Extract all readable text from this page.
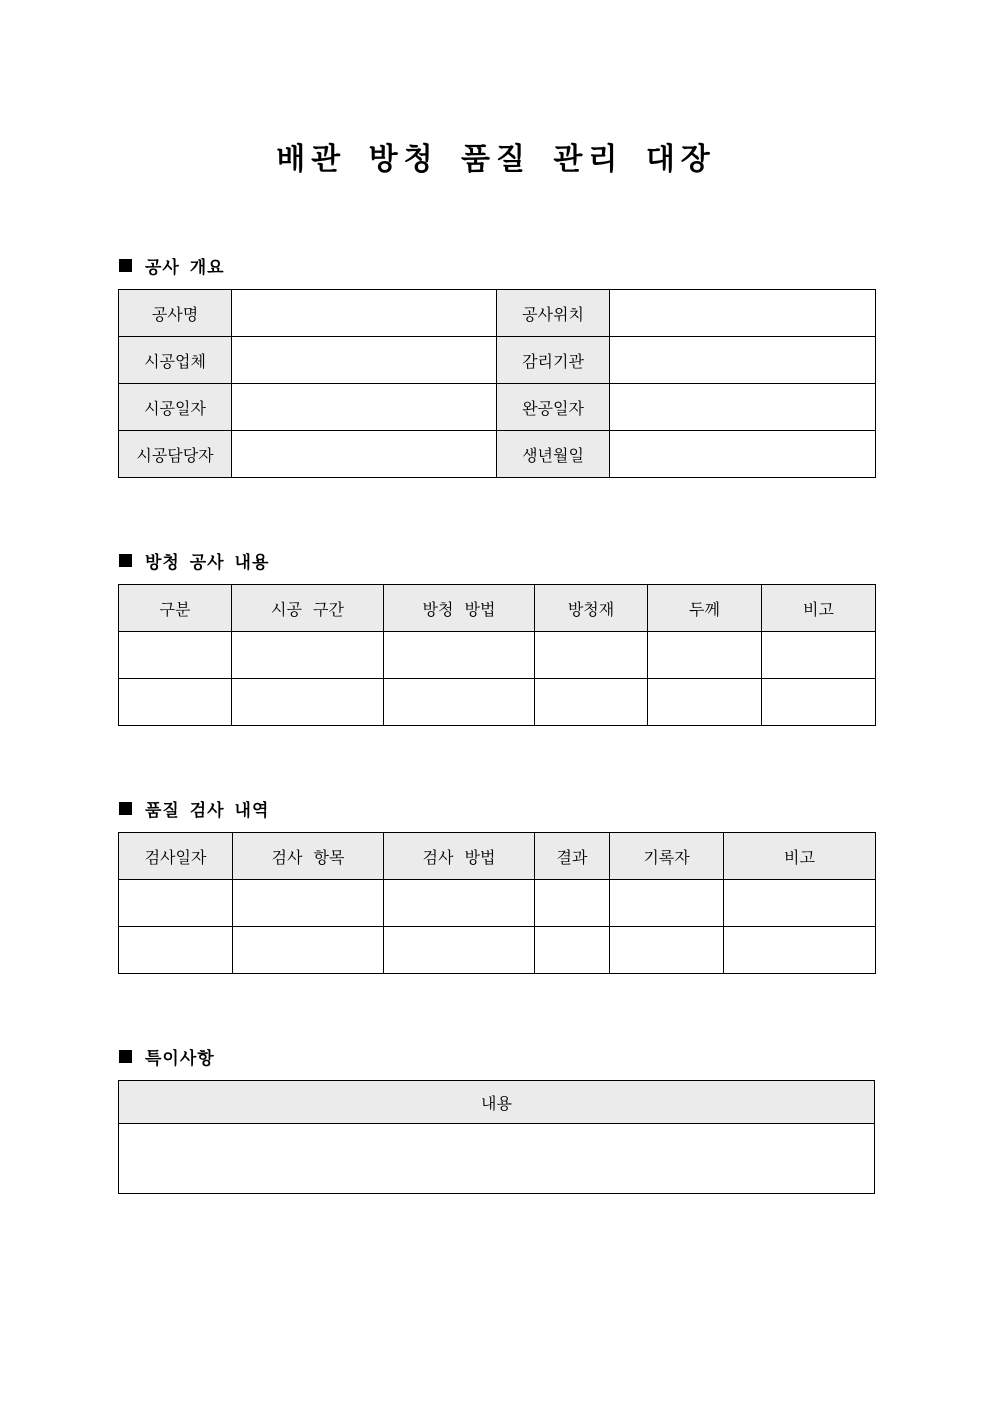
배관 방청 품질 관리 대장
공사 개요
공사명		공사위치	
시공업체		감리기관	
시공일자		완공일자	
시공담당자		생년월일	
방청 공사 내용
구분	시공 구간	방청 방법	방청재	두께	비고

품질 검사 내역
검사일자	검사 항목	검사 방법	결과	기록자	비고

특이사항
내용
